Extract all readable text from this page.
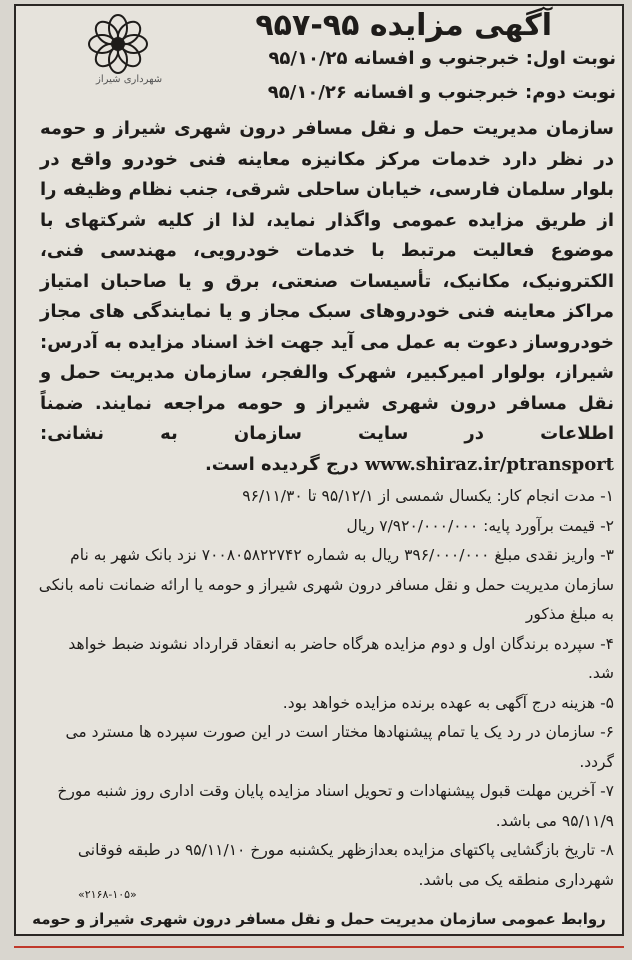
شهرداری شیراز
آگهی مزایده ۹۵-۹۵۷
نوبت اول: خبرجنوب و افسانه ۹۵/۱۰/۲۵
نوبت دوم: خبرجنوب و افسانه ۹۵/۱۰/۲۶
سازمان مدیریت حمل و نقل مسافر درون شهری شیراز و حومه در نظر دارد خدمات مرکز مکانیزه معاینه فنی خودرو واقع در بلوار سلمان فارسی، خیابان ساحلی شرقی، جنب نظام وظیفه را از طریق مزایده عمومی واگذار نماید، لذا از کلیه شرکتهای با موضوع فعالیت مرتبط با خدمات خودرویی، مهندسی فنی، الکترونیک، مکانیک، تأسیسات صنعتی، برق و یا صاحبان امتیاز مراکز معاینه فنی خودروهای سبک مجاز و یا نمایندگی های مجاز خودروساز دعوت به عمل می آید جهت اخذ اسناد مزایده به آدرس: شیراز، بولوار امیرکبیر، شهرک والفجر، سازمان مدیریت حمل و نقل مسافر درون شهری شیراز و حومه مراجعه نمایند. ضمناً اطلاعات در سایت سازمان به نشانی: www.shiraz.ir/ptransport درج گردیده است.

۱- مدت انجام کار: یکسال شمسی از ۹۵/۱۲/۱ تا ۹۶/۱۱/۳۰

۲- قیمت برآورد پایه: ۷/۹۲۰/۰۰۰/۰۰۰ ریال

۳- واریز نقدی مبلغ ۳۹۶/۰۰۰/۰۰۰ ریال به شماره ۷۰۰۸۰۵۸۲۲۷۴۲ نزد بانک شهر به نام سازمان مدیریت حمل و نقل مسافر درون شهری شیراز و حومه یا ارائه ضمانت نامه بانکی به مبلغ مذکور

۴- سپرده برندگان اول و دوم مزایده هرگاه حاضر به انعقاد قرارداد نشوند ضبط خواهد شد.

۵- هزینه درج آگهی به عهده برنده مزایده خواهد بود.

۶- سازمان در رد یک یا تمام پیشنهادها مختار است در این صورت سپرده ها مسترد می گردد.

۷- آخرین مهلت قبول پیشنهادات و تحویل اسناد مزایده پایان وقت اداری روز شنبه مورخ ۹۵/۱۱/۹ می باشد.

۸- تاریخ بازگشایی پاکتهای مزایده بعدازظهر یکشنبه مورخ ۹۵/۱۱/۱۰ در طبقه فوقانی شهرداری منطقه یک می باشد.

«۲۱۶۸-۱۰۵»
روابط عمومی سازمان مدیریت حمل و نقل مسافر درون شهری شیراز و حومه
